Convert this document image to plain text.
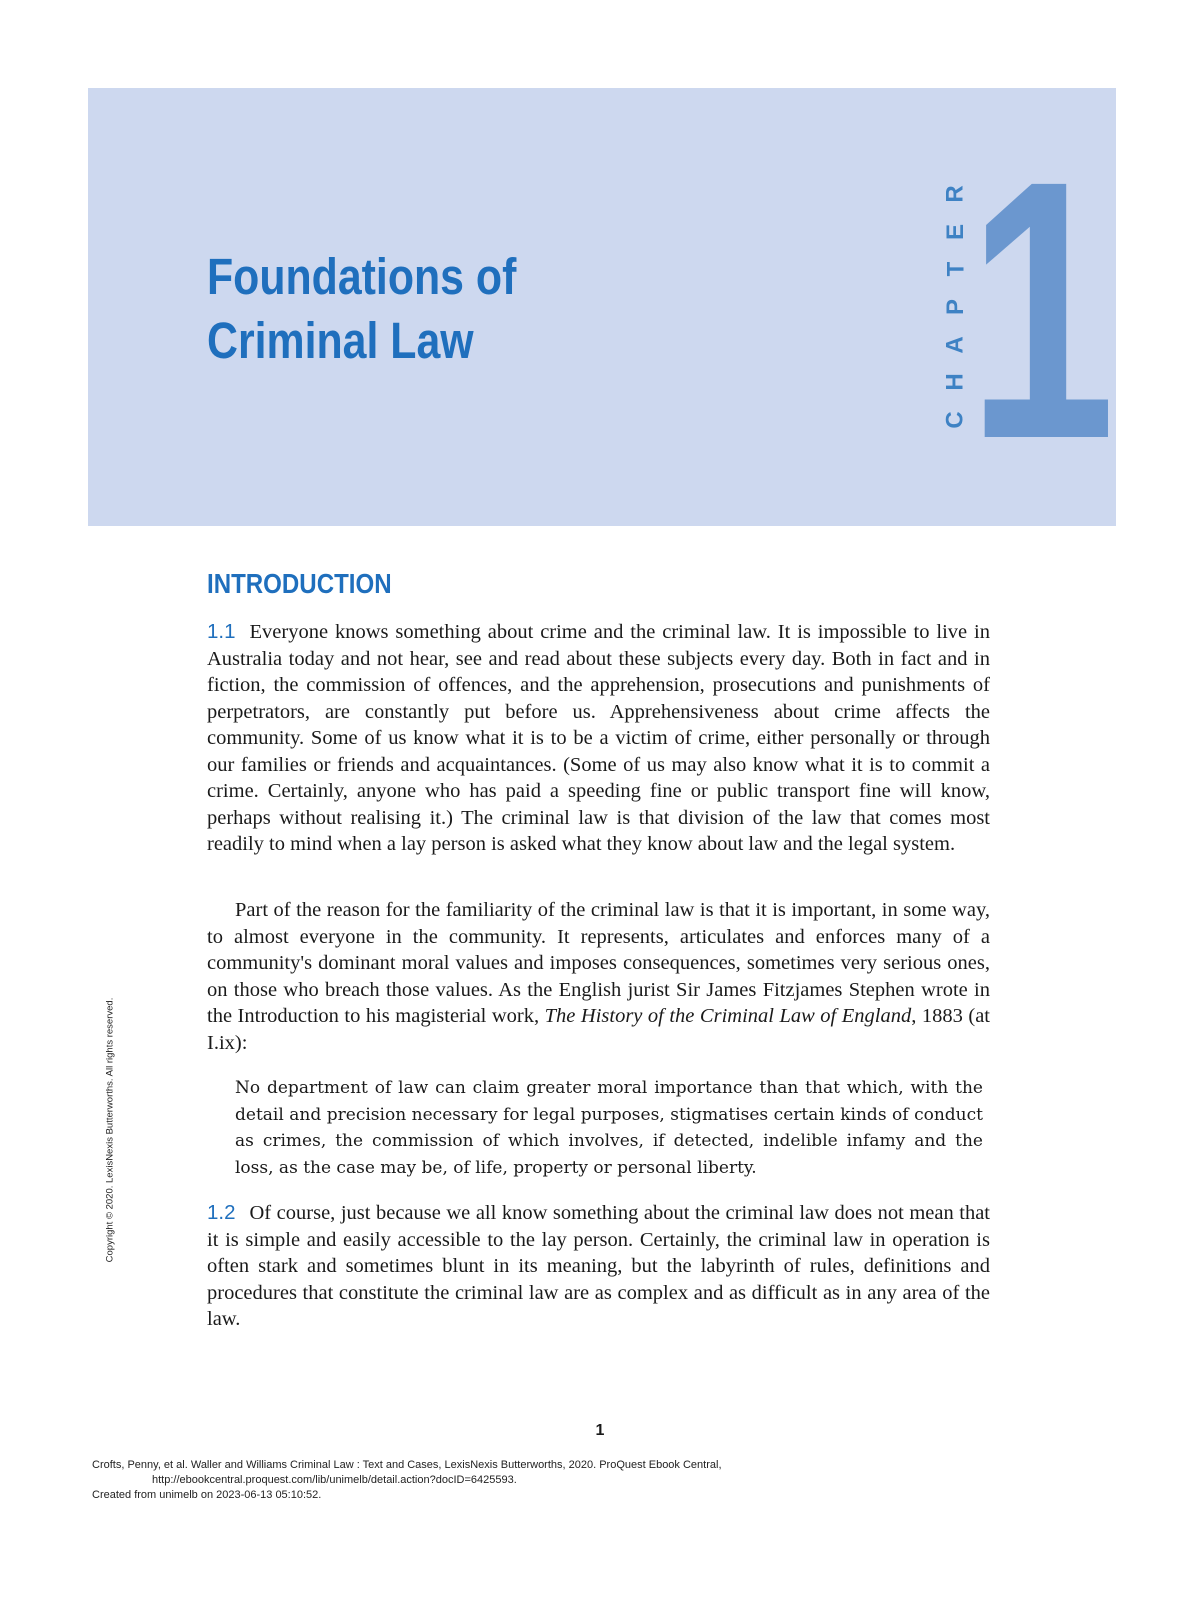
Foundations of
Criminal Law
R
E
T
P
A
H
C 1
INTRODUCTION

1.1 Everyone knows something about crime and the criminal law. It is impossible to live in Australia today and not hear, see and read about these subjects every day. Both in fact and in fiction, the commission of offences, and the apprehension, prosecutions and punishments of perpetrators, are constantly put before us. Apprehensiveness about crime affects the community. Some of us know what it is to be a victim of crime, either personally or through our families or friends and acquaintances. (Some of us may also know what it is to commit a crime. Certainly, anyone who has paid a speeding fine or public transport fine will know, perhaps without realising it.) The criminal law is that division of the law that comes most readily to mind when a lay person is asked what they know about law and the legal system.

Part of the reason for the familiarity of the criminal law is that it is important, in some way, to almost everyone in the community. It represents, articulates and enforces many of a community's dominant moral values and imposes consequences, sometimes very serious ones, on those who breach those values. As the English jurist Sir James Fitzjames Stephen wrote in the Introduction to his magisterial work, The History of the Criminal Law of England, 1883 (at I.ix):

No department of law can claim greater moral importance than that which, with the detail and precision necessary for legal purposes, stigmatises certain kinds of conduct as crimes, the commission of which involves, if detected, indelible infamy and the loss, as the case may be, of life, property or personal liberty.

1.2 Of course, just because we all know something about the criminal law does not mean that it is simple and easily accessible to the lay person. Certainly, the criminal law in operation is often stark and sometimes blunt in its meaning, but the labyrinth of rules, definitions and procedures that constitute the criminal law are as complex and as difficult as in any area of the law.

1
Copyright © 2020. LexisNexis Butterworths. All rights reserved.
Crofts, Penny, et al. Waller and Williams Criminal Law : Text and Cases, LexisNexis Butterworths, 2020. ProQuest Ebook Central,
http://ebookcentral.proquest.com/lib/unimelb/detail.action?docID=6425593.
Created from unimelb on 2023-06-13 05:10:52.
